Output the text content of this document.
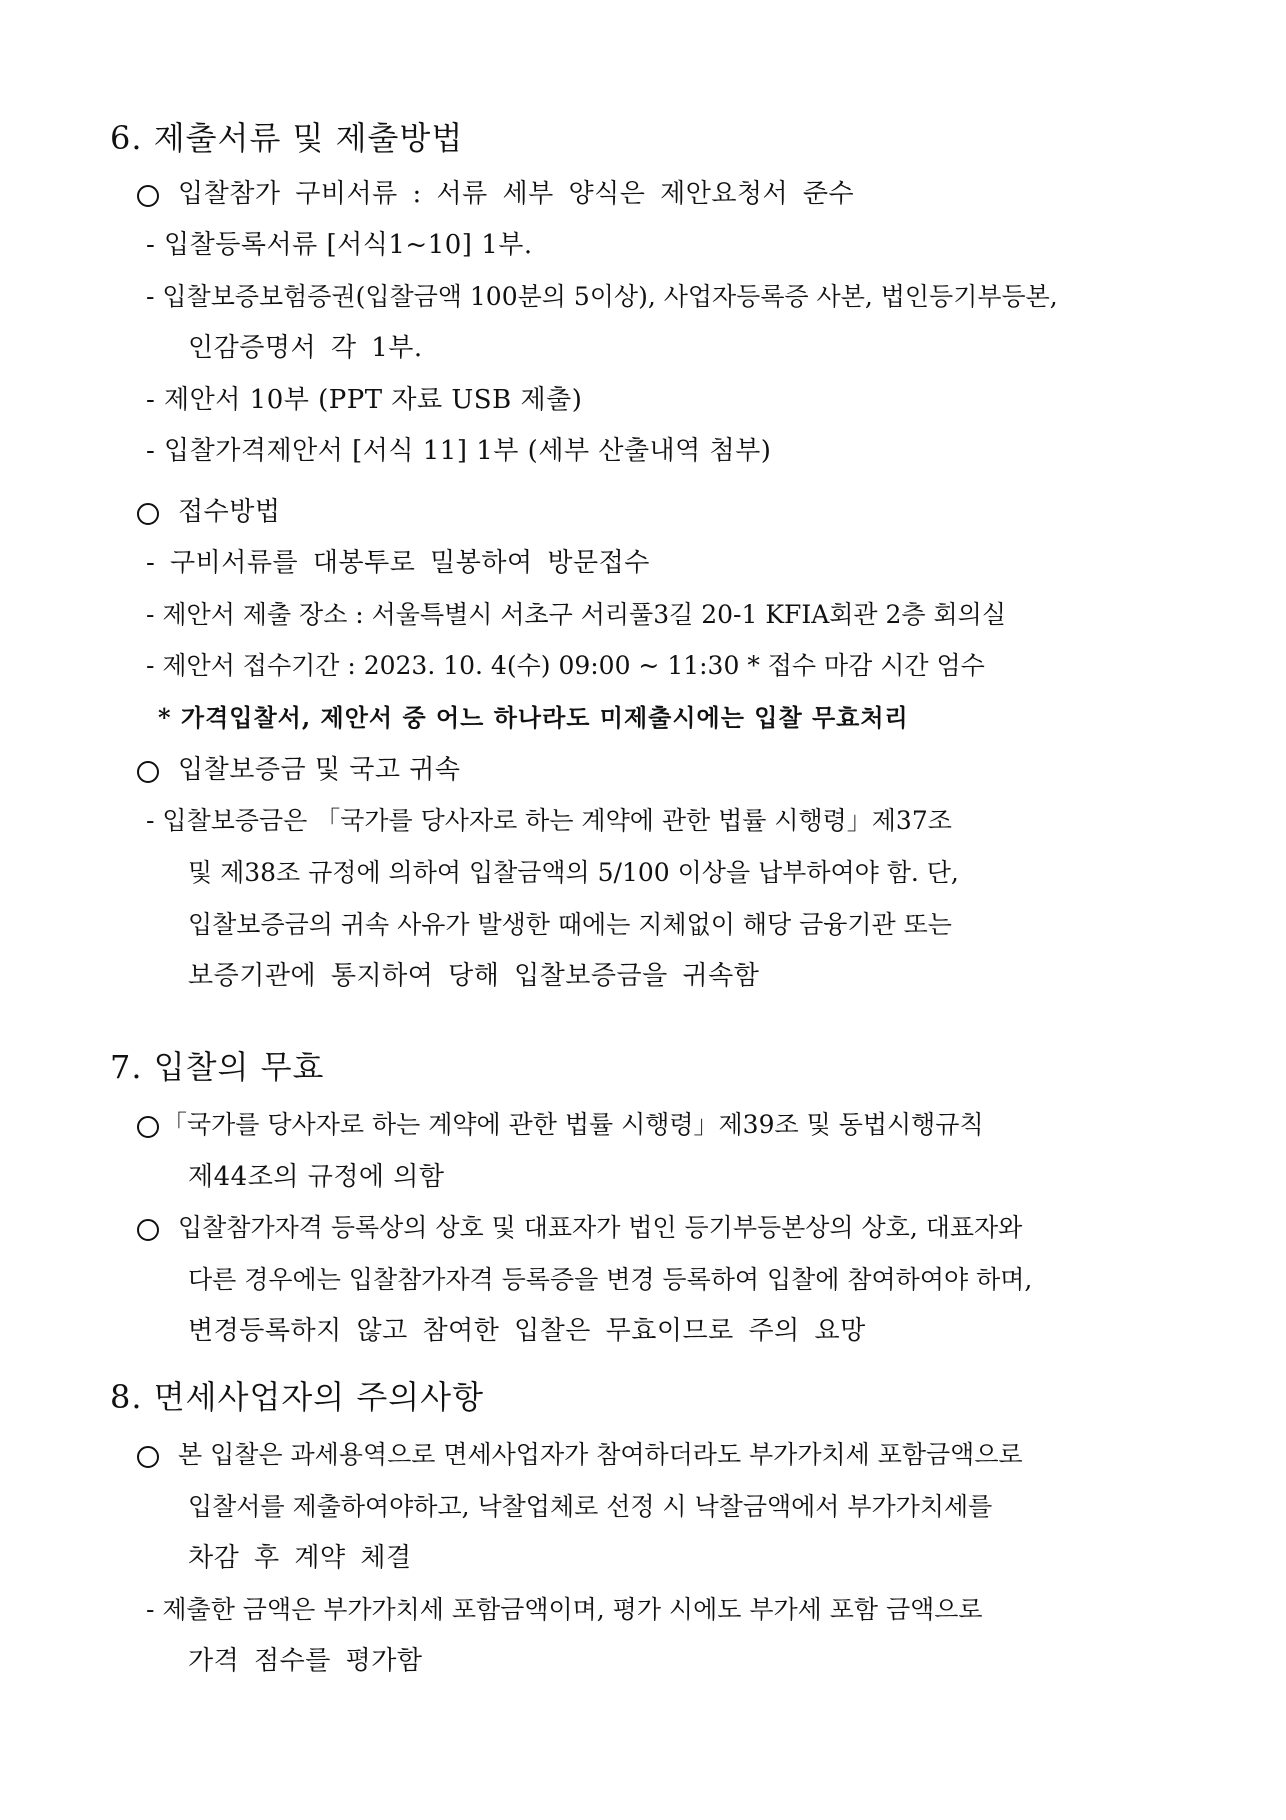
6. 제출서류 및 제출방법
입찰참가 구비서류 : 서류 세부 양식은 제안요청서 준수
- 입찰등록서류 [서식1~10] 1부.
- 입찰보증보험증권(입찰금액 100분의 5이상), 사업자등록증 사본, 법인등기부등본,
인감증명서 각 1부.
- 제안서 10부 (PPT 자료 USB 제출)
- 입찰가격제안서 [서식 11] 1부 (세부 산출내역 첨부)
접수방법
- 구비서류를 대봉투로 밀봉하여 방문접수
- 제안서 제출 장소 : 서울특별시 서초구 서리풀3길 20-1 KFIA회관 2층 회의실
- 제안서 접수기간 : 2023. 10. 4(수) 09:00 ~ 11:30 * 접수 마감 시간 엄수
* 가격입찰서, 제안서 중 어느 하나라도 미제출시에는 입찰 무효처리
입찰보증금 및 국고 귀속
- 입찰보증금은 「국가를 당사자로 하는 계약에 관한 법률 시행령」제37조
및 제38조 규정에 의하여 입찰금액의 5/100 이상을 납부하여야 함. 단,
입찰보증금의 귀속 사유가 발생한 때에는 지체없이 해당 금융기관 또는
보증기관에 통지하여 당해 입찰보증금을 귀속함
7. 입찰의 무효
「국가를 당사자로 하는 계약에 관한 법률 시행령」제39조 및 동법시행규칙
제44조의 규정에 의함
입찰참가자격 등록상의 상호 및 대표자가 법인 등기부등본상의 상호, 대표자와
다른 경우에는 입찰참가자격 등록증을 변경 등록하여 입찰에 참여하여야 하며,
변경등록하지 않고 참여한 입찰은 무효이므로 주의 요망
8. 면세사업자의 주의사항
본 입찰은 과세용역으로 면세사업자가 참여하더라도 부가가치세 포함금액으로
입찰서를 제출하여야하고, 낙찰업체로 선정 시 낙찰금액에서 부가가치세를
차감 후 계약 체결
- 제출한 금액은 부가가치세 포함금액이며, 평가 시에도 부가세 포함 금액으로
가격 점수를 평가함
